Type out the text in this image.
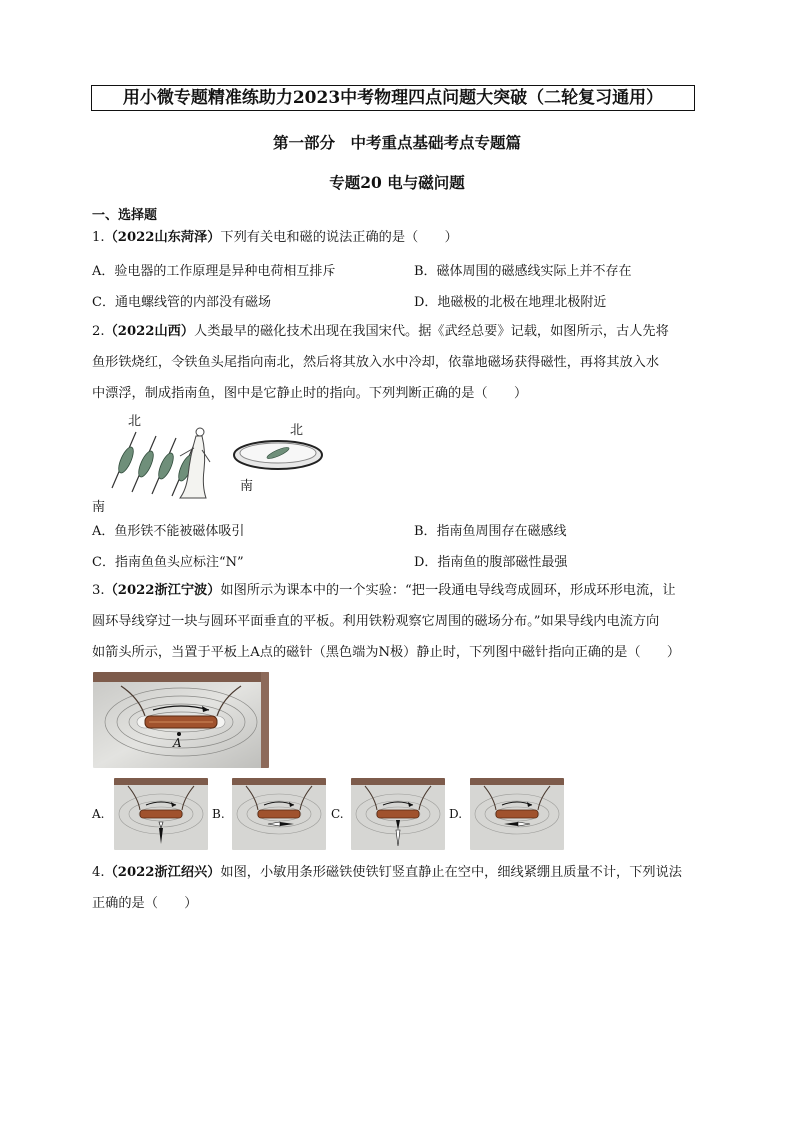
用小微专题精准练助力2023中考物理四点问题大突破（二轮复习通用）
第一部分　中考重点基础考点专题篇
专题20 电与磁问题
一、选择题
1.（2022山东菏泽）下列有关电和磁的说法正确的是（　　）
A．验电器的工作原理是异种电荷相互排斥	B．磁体周围的磁感线实际上并不存在
C．通电螺线管的内部没有磁场	D．地磁极的北极在地理北极附近
2.（2022山西）人类最早的磁化技术出现在我国宋代。据《武经总要》记载，如图所示，古人先将
鱼形铁烧红，令铁鱼头尾指向南北，然后将其放入水中冷却，依靠地磁场获得磁性，再将其放入水
中漂浮，制成指南鱼，图中是它静止时的指向。下列判断正确的是（　　）
北
南
北
南
A．鱼形铁不能被磁体吸引	B．指南鱼周围存在磁感线
C．指南鱼鱼头应标注“N”	D．指南鱼的腹部磁性最强
3.（2022浙江宁波）如图所示为课本中的一个实验：“把一段通电导线弯成圆环，形成环形电流，让
圆环导线穿过一块与圆环平面垂直的平板。利用铁粉观察它周围的磁场分布。”如果导线内电流方向
如箭头所示，当置于平板上A点的磁针（黑色端为N极）静止时，下列图中磁针指向正确的是（　　）
A
A.	B.	C.	D.
4.（2022浙江绍兴）如图，小敏用条形磁铁使铁钉竖直静止在空中，细线紧绷且质量不计，下列说法
正确的是（　　）
